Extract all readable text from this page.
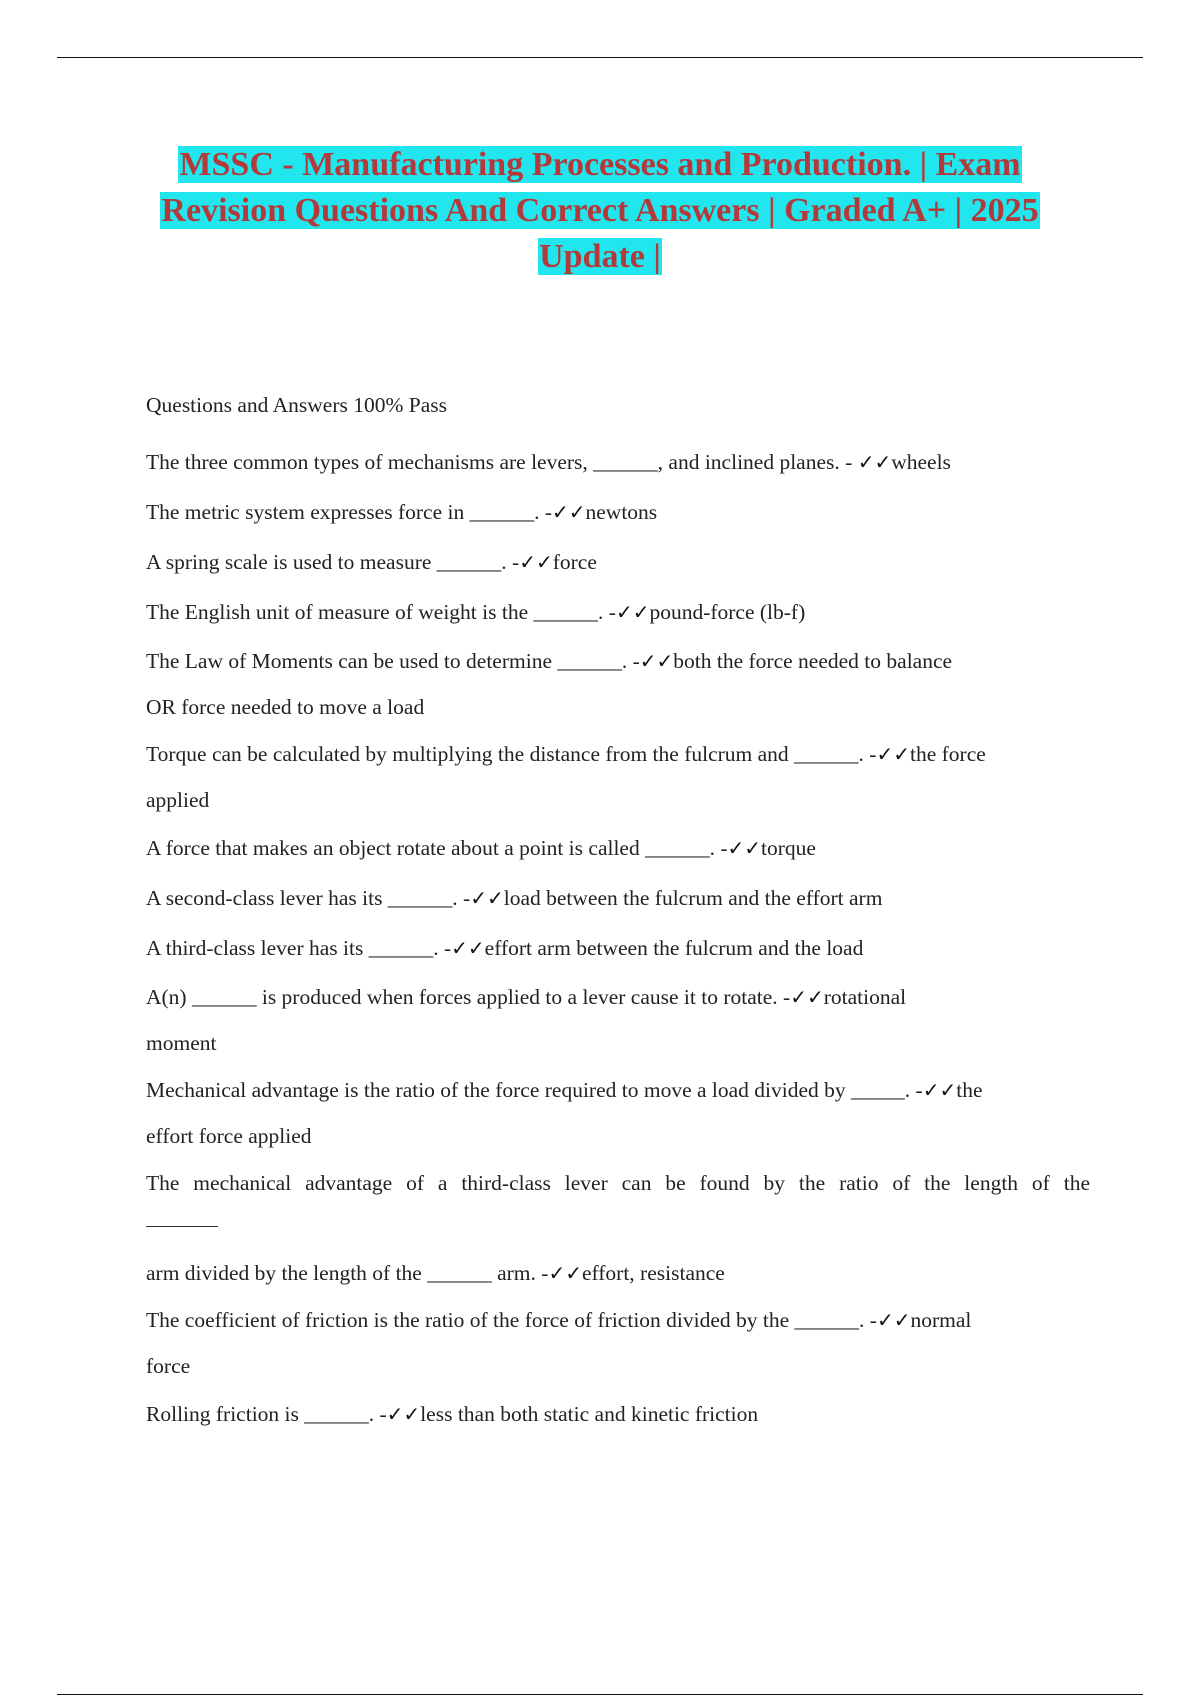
MSSC - Manufacturing Processes and Production. | Exam
Revision Questions And Correct Answers | Graded A+ | 2025
Update |
Questions and Answers 100% Pass
The three common types of mechanisms are levers, ______, and inclined planes. - ✓✓wheels
The metric system expresses force in ______. -✓✓newtons
A spring scale is used to measure ______. -✓✓force
The English unit of measure of weight is the ______. -✓✓pound-force (lb-f)
The Law of Moments can be used to determine ______. -✓✓both the force needed to balance
OR force needed to move a load
Torque can be calculated by multiplying the distance from the fulcrum and ______. -✓✓the force
applied
A force that makes an object rotate about a point is called ______. -✓✓torque
A second-class lever has its ______. -✓✓load between the fulcrum and the effort arm
A third-class lever has its ______. -✓✓effort arm between the fulcrum and the load
A(n) ______ is produced when forces applied to a lever cause it to rotate. -✓✓rotational
moment
Mechanical advantage is the ratio of the force required to move a load divided by _____. -✓✓the
effort force applied
The mechanical advantage of a third-class lever can be found by the ratio of the length of the
arm divided by the length of the ______ arm. -✓✓effort, resistance
The coefficient of friction is the ratio of the force of friction divided by the ______. -✓✓normal
force
Rolling friction is ______. -✓✓less than both static and kinetic friction
